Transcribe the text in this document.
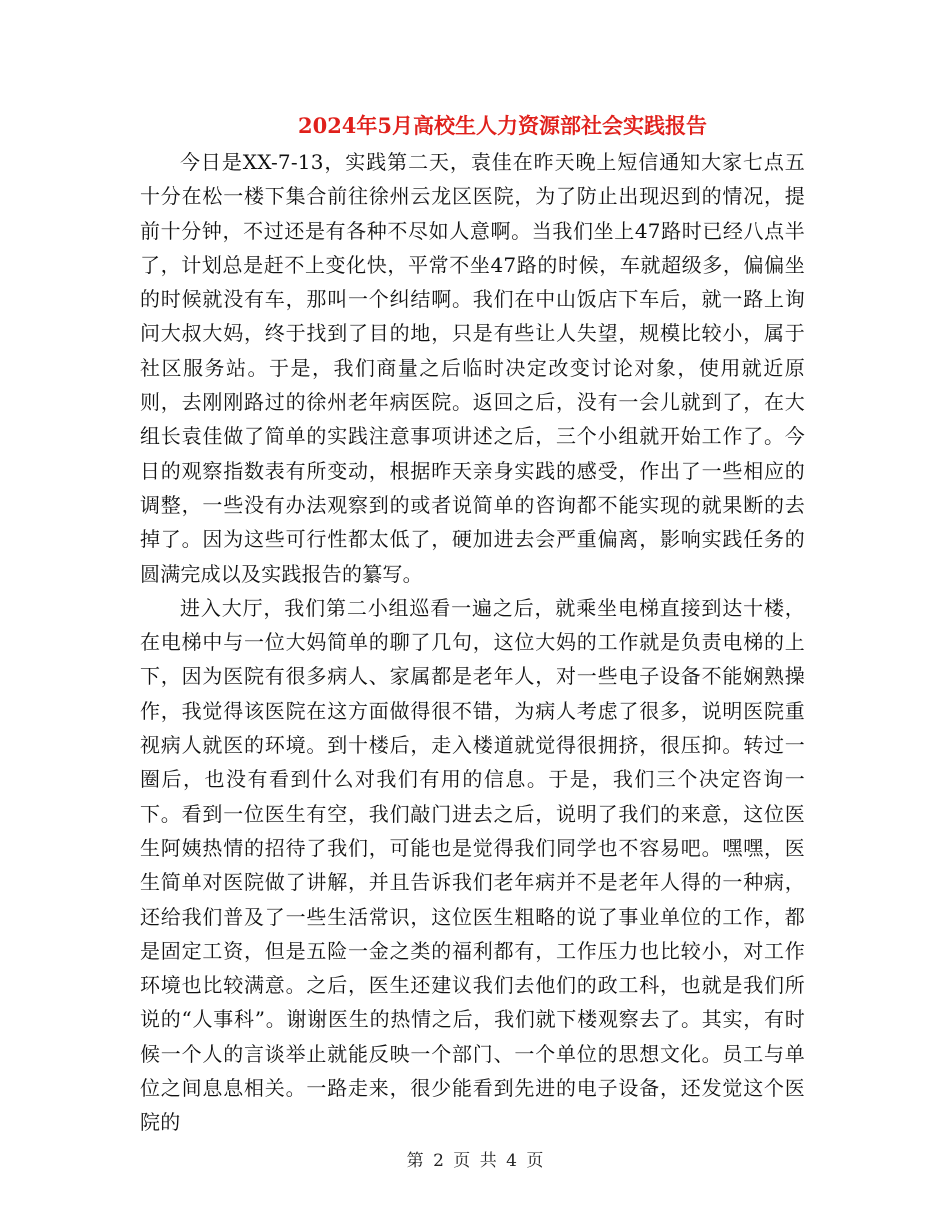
2024年5月高校生人力资源部社会实践报告

今日是XX-7-13，实践第二天，袁佳在昨天晚上短信通知大家七点五十分在松一楼下集合前往徐州云龙区医院，为了防止出现迟到的情况，提前十分钟，不过还是有各种不尽如人意啊。当我们坐上47路时已经八点半了，计划总是赶不上变化快，平常不坐47路的时候，车就超级多，偏偏坐的时候就没有车，那叫一个纠结啊。我们在中山饭店下车后，就一路上询问大叔大妈，终于找到了目的地，只是有些让人失望，规模比较小，属于社区服务站。于是，我们商量之后临时决定改变讨论对象，使用就近原则，去刚刚路过的徐州老年病医院。返回之后，没有一会儿就到了，在大组长袁佳做了简单的实践注意事项讲述之后，三个小组就开始工作了。今日的观察指数表有所变动，根据昨天亲身实践的感受，作出了一些相应的调整，一些没有办法观察到的或者说简单的咨询都不能实现的就果断的去掉了。因为这些可行性都太低了，硬加进去会严重偏离，影响实践任务的圆满完成以及实践报告的纂写。

进入大厅，我们第二小组巡看一遍之后，就乘坐电梯直接到达十楼，在电梯中与一位大妈简单的聊了几句，这位大妈的工作就是负责电梯的上下，因为医院有很多病人、家属都是老年人，对一些电子设备不能娴熟操作，我觉得该医院在这方面做得很不错，为病人考虑了很多，说明医院重视病人就医的环境。到十楼后，走入楼道就觉得很拥挤，很压抑。转过一圈后，也没有看到什么对我们有用的信息。于是，我们三个决定咨询一下。看到一位医生有空，我们敲门进去之后，说明了我们的来意，这位医生阿姨热情的招待了我们，可能也是觉得我们同学也不容易吧。嘿嘿，医生简单对医院做了讲解，并且告诉我们老年病并不是老年人得的一种病，还给我们普及了一些生活常识，这位医生粗略的说了事业单位的工作，都是固定工资，但是五险一金之类的福利都有，工作压力也比较小，对工作环境也比较满意。之后，医生还建议我们去他们的政工科，也就是我们所说的“人事科”。谢谢医生的热情之后，我们就下楼观察去了。其实，有时候一个人的言谈举止就能反映一个部门、一个单位的思想文化。员工与单位之间息息相关。一路走来，很少能看到先进的电子设备，还发觉这个医院的

第 2 页 共 4 页
